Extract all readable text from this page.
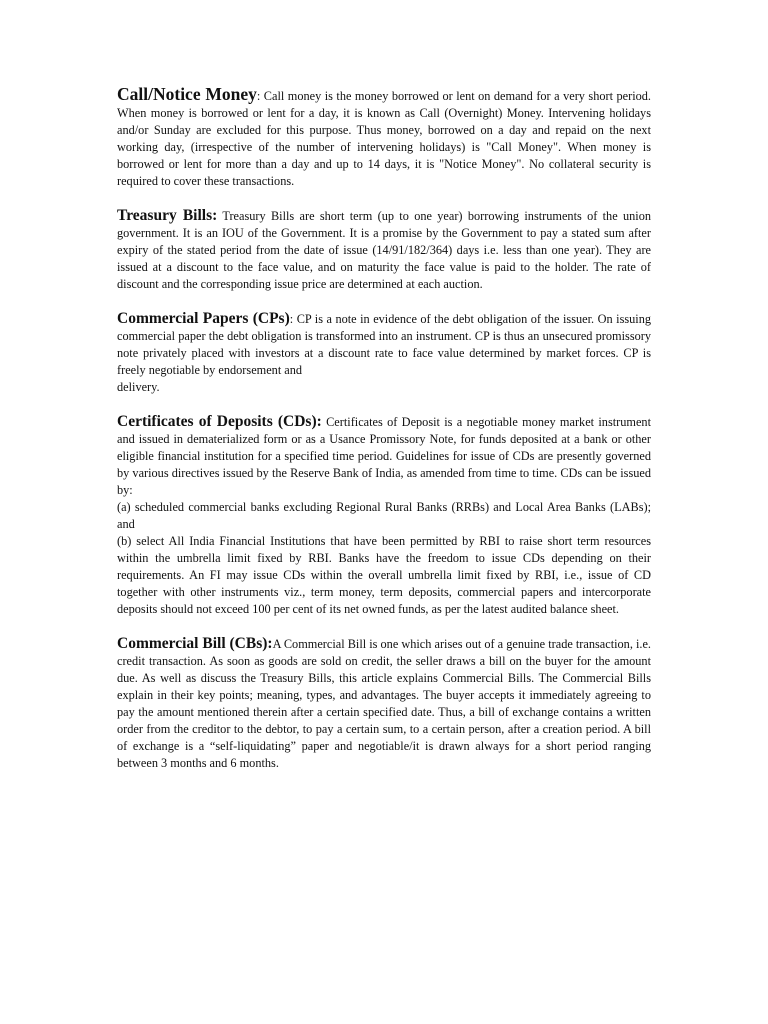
Call/Notice Money: Call money is the money borrowed or lent on demand for a very short period. When money is borrowed or lent for a day, it is known as Call (Overnight) Money. Intervening holidays and/or Sunday are excluded for this purpose. Thus money, borrowed on a day and repaid on the next working day, (irrespective of the number of intervening holidays) is "Call Money". When money is borrowed or lent for more than a day and up to 14 days, it is "Notice Money". No collateral security is required to cover these transactions.

Treasury Bills: Treasury Bills are short term (up to one year) borrowing instruments of the union government. It is an IOU of the Government. It is a promise by the Government to pay a stated sum after expiry of the stated period from the date of issue (14/91/182/364) days i.e. less than one year). They are issued at a discount to the face value, and on maturity the face value is paid to the holder. The rate of discount and the corresponding issue price are determined at each auction.

Commercial Papers (CPs): CP is a note in evidence of the debt obligation of the issuer. On issuing commercial paper the debt obligation is transformed into an instrument. CP is thus an unsecured promissory note privately placed with investors at a discount rate to face value determined by market forces. CP is freely negotiable by endorsement and
delivery.

Certificates of Deposits (CDs): Certificates of Deposit is a negotiable money market instrument and issued in dematerialized form or as a Usance Promissory Note, for funds deposited at a bank or other eligible financial institution for a specified time period. Guidelines for issue of CDs are presently governed by various directives issued by the Reserve Bank of India, as amended from time to time. CDs can be issued by:
(a) scheduled commercial banks excluding Regional Rural Banks (RRBs) and Local Area Banks (LABs); and
(b) select All India Financial Institutions that have been permitted by RBI to raise short term resources within the umbrella limit fixed by RBI. Banks have the freedom to issue CDs depending on their requirements. An FI may issue CDs within the overall umbrella limit fixed by RBI, i.e., issue of CD together with other instruments viz., term money, term deposits, commercial papers and intercorporate deposits should not exceed 100 per cent of its net owned funds, as per the latest audited balance sheet.

Commercial Bill (CBs):A Commercial Bill is one which arises out of a genuine trade transaction, i.e. credit transaction. As soon as goods are sold on credit, the seller draws a bill on the buyer for the amount due. As well as discuss the Treasury Bills, this article explains Commercial Bills. The Commercial Bills explain in their key points; meaning, types, and advantages. The buyer accepts it immediately agreeing to pay the amount mentioned therein after a certain specified date. Thus, a bill of exchange contains a written order from the creditor to the debtor, to pay a certain sum, to a certain person, after a creation period. A bill of exchange is a “self-liquidating” paper and negotiable/it is drawn always for a short period ranging between 3 months and 6 months.
